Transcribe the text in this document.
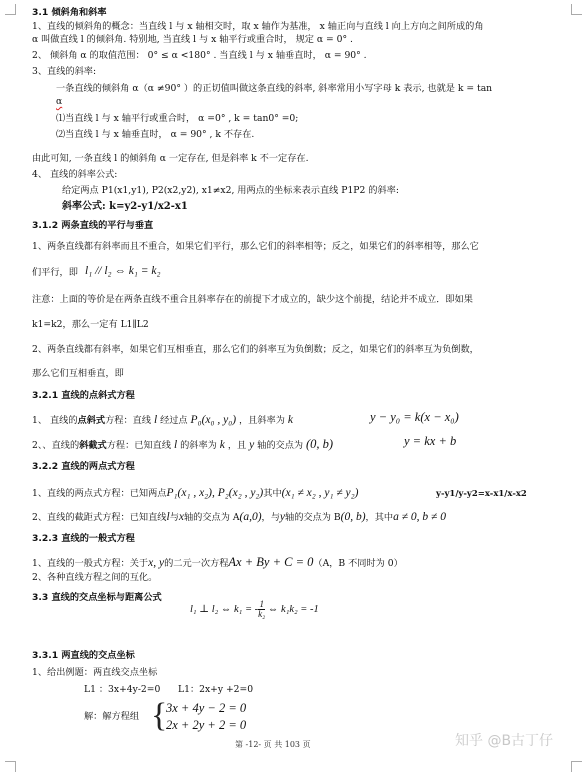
3.1 倾斜角和斜率
1、直线的倾斜角的概念：当直线 l 与 x 轴相交时，取 x 轴作为基准， x 轴正向与直线 l 向上方向之间所成的角
α 叫做直线 l 的倾斜角. 特别地, 当直线 l 与 x 轴平行或重合时， 规定 α = 0° .
2、 倾斜角 α 的取值范围： 0° ≤ α <180° . 当直线 l 与 x 轴垂直时， α = 90° .
3、直线的斜率:
一条直线的倾斜角 α（α ≠90° ）的正切值叫做这条直线的斜率, 斜率常用小写字母 k 表示, 也就是 k = tan
α
⑴当直线 l 与 x 轴平行或重合时， α =0° , k = tan0° =0;
⑵当直线 l 与 x 轴垂直时， α = 90° , k 不存在.
由此可知, 一条直线 l 的倾斜角 α 一定存在, 但是斜率 k 不一定存在.
4、 直线的斜率公式:
给定两点 P1(x1,y1), P2(x2,y2), x1≠x2, 用两点的坐标来表示直线 P1P2 的斜率:
斜率公式: k=y2-y1/x2-x1
3.1.2 两条直线的平行与垂直
1、两条直线都有斜率而且不重合，如果它们平行，那么它们的斜率相等；反之，如果它们的斜率相等，那么它
们平行，即 l₁ // l₂ ⇔ k₁ = k₂
注意：上面的等价是在两条直线不重合且斜率存在的前提下才成立的，缺少这个前提，结论并不成立．即如果
k1=k2，那么一定有 L1∥L2
2、两条直线都有斜率，如果它们互相垂直，那么它们的斜率互为负倒数；反之，如果它们的斜率互为负倒数，
那么它们互相垂直，即
3.2.1 直线的点斜式方程
1、 直线的点斜式方程：直线 l 经过点 P₀(x₀ , y₀) ，且斜率为 k	y − y₀ = k(x − x₀)
2、、直线的斜截式方程：已知直线 l 的斜率为 k ，且 y 轴的交点为 (0, b)	y = kx + b
3.2.2 直线的两点式方程
1、直线的两点式方程：已知两点P₁(x₁ , x₂), P₂(x₂ , y₂)其中(x₁ ≠ x₂ , y₁ ≠ y₂)	y-y1/y-y2=x-x1/x-x2
2、直线的截距式方程：已知直线l与x轴的交点为 A(a,0)，与y轴的交点为 B(0, b)，其中a ≠ 0, b ≠ 0
3.2.3 直线的一般式方程
1、直线的一般式方程：关于x, y的二元一次方程Ax + By + C = 0（A，B 不同时为 0）
2、各种直线方程之间的互化。
3.3 直线的交点坐标与距离公式
l₁ ⊥ l₂ ⇔ k₁ = - $\frac{1}{\text{k₂}}$ ⇔ k₁k₂ = -1
3.3.1 两直线的交点坐标
1、给出例题：两直线交点坐标
L1 ：3x+4y-2=0 L1：2x+y +2=0
解：解方程组 {
3x + 4y − 2 = 0
2x + 2y + 2 = 0
第 -12- 页 共 103 页	知乎 @B古丁仔
